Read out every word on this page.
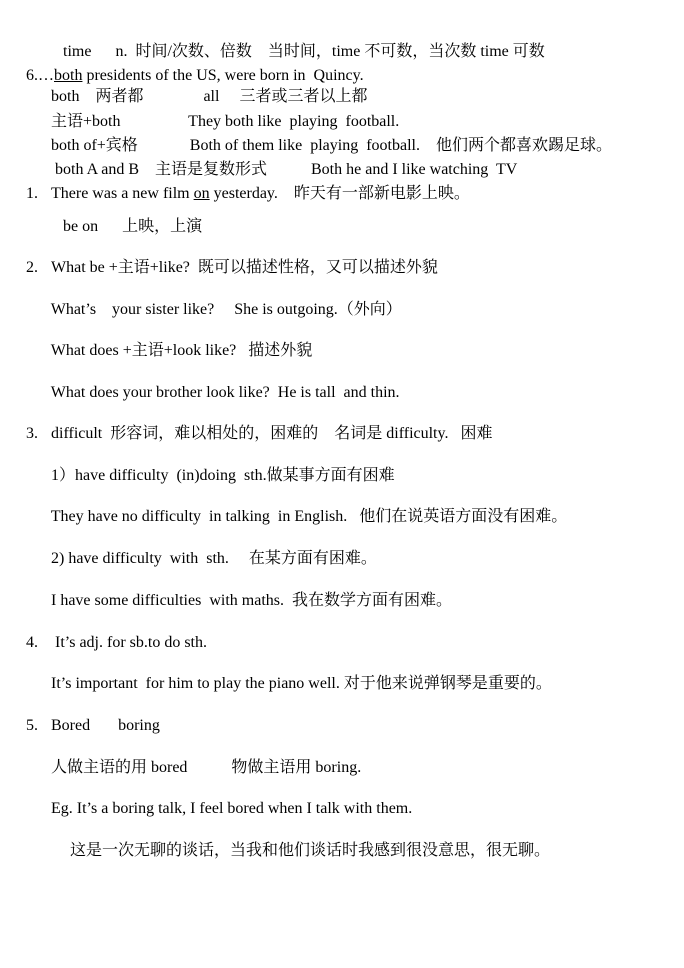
time      n.  时间/次数、倍数    当时间，time 不可数，当次数 time 可数

6.…both presidents of the US, were born in  Quincy.

both    两者都               all     三者或三者以上都

主语+both                 They both like  playing  football.

both of+宾格             Both of them like  playing  football.    他们两个都喜欢踢足球。

both A and B    主语是复数形式           Both he and I like watching  TV

1. There was a new film on yesterday.    昨天有一部新电影上映。

be on      上映，上演

2. What be +主语+like?  既可以描述性格，又可以描述外貌

What’s    your sister like?     She is outgoing.（外向）

What does +主语+look like?   描述外貌

What does your brother look like?  He is tall  and thin.

3. difficult  形容词，难以相处的，困难的    名词是 difficulty.   困难

1）have difficulty  (in)doing  sth.做某事方面有困难

They have no difficulty  in talking  in English.   他们在说英语方面没有困难。

2) have difficulty  with  sth.     在某方面有困难。

I have some difficulties  with maths.  我在数学方面有困难。

4. It’s adj. for sb.to do sth.

It’s important  for him to play the piano well. 对于他来说弹钢琴是重要的。

5. Bored       boring

人做主语的用 bored           物做主语用 boring.

Eg. It’s a boring talk, I feel bored when I talk with them.

这是一次无聊的谈话，当我和他们谈话时我感到很没意思，很无聊。
